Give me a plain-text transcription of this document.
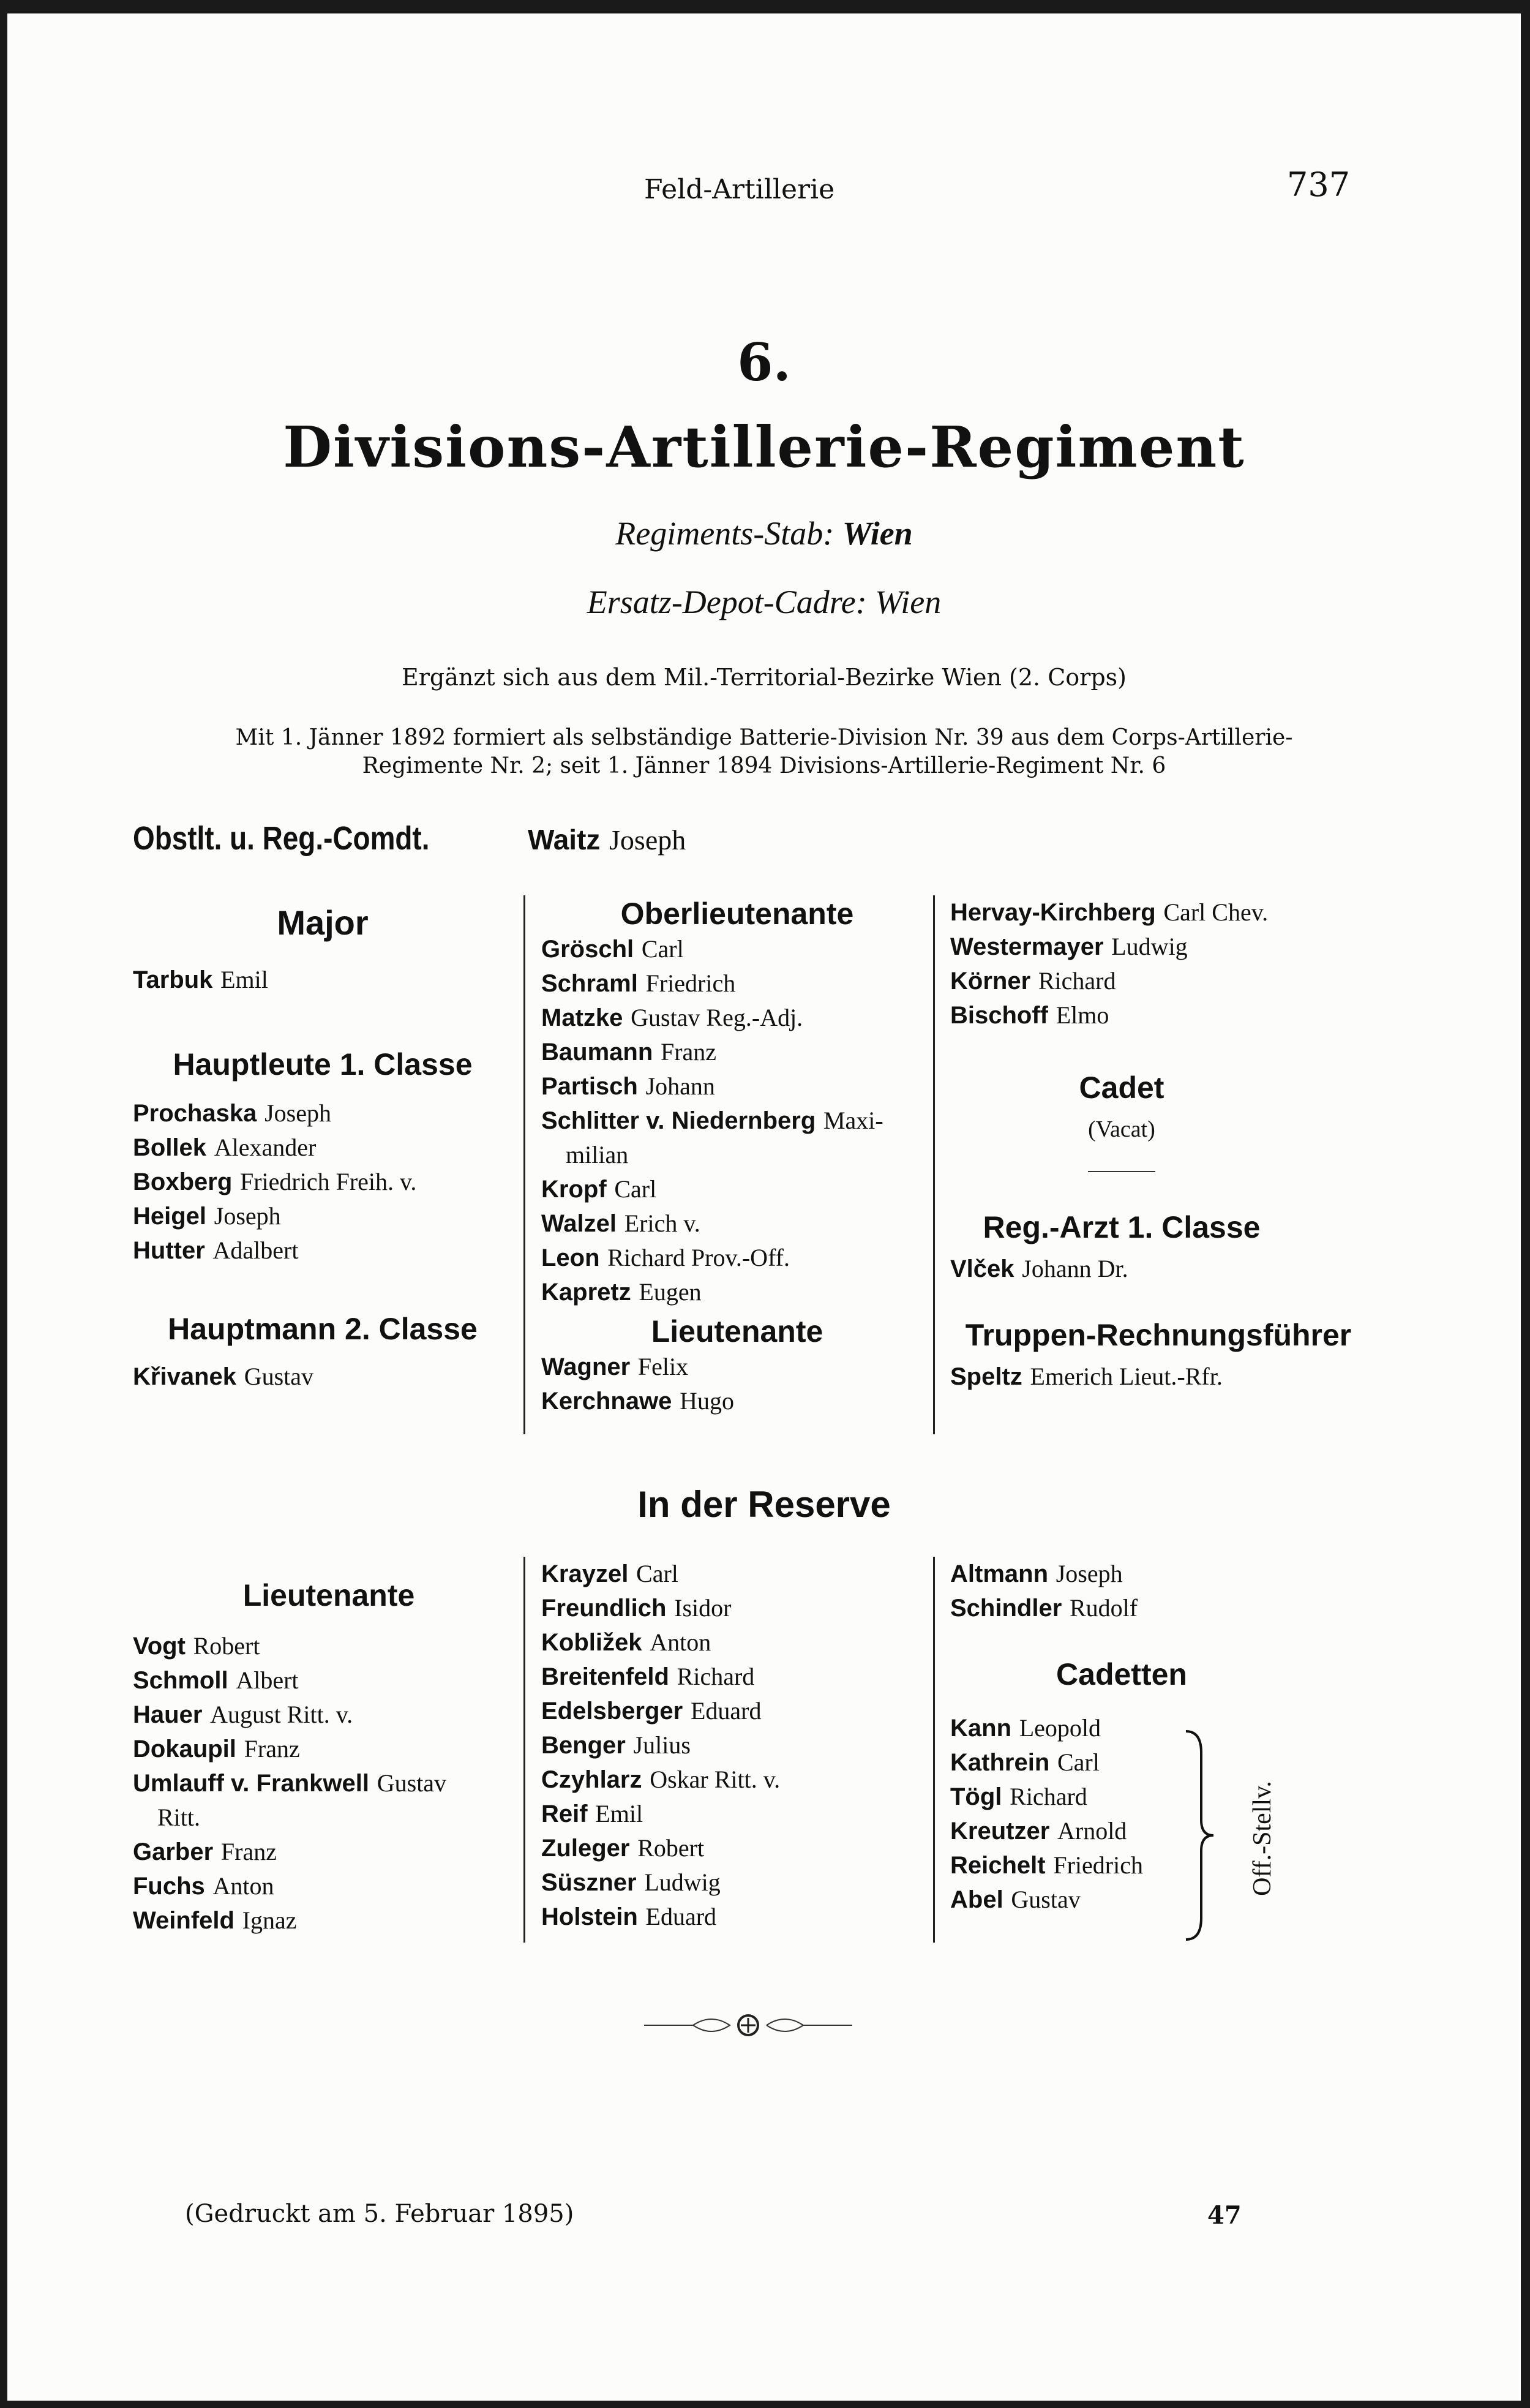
Feld-Artillerie	737
6.
Divisions-Artillerie-Regiment
Regiments-Stab: Wien
Ersatz-Depot-Cadre: Wien
Ergänzt sich aus dem Mil.-Territorial-Bezirke Wien (2. Corps)
Mit 1. Jänner 1892 formiert als selbständige Batterie-Division Nr. 39 aus dem Corps-Artillerie-
Regimente Nr. 2; seit 1. Jänner 1894 Divisions-Artillerie-Regiment Nr. 6
Obstlt. u. Reg.-Comdt.	Waitz Joseph
Major
Tarbuk Emil
Hauptleute 1. Classe
Prochaska Joseph
Bollek Alexander
Boxberg Friedrich Freih. v.
Heigel Joseph
Hutter Adalbert
Hauptmann 2. Classe
Křivanek Gustav
Oberlieutenante
Gröschl Carl
Schraml Friedrich
Matzke Gustav Reg.-Adj.
Baumann Franz
Partisch Johann
Schlitter v. Niedernberg Maxi-
milian
Kropf Carl
Walzel Erich v.
Leon Richard Prov.-Off.
Kapretz Eugen
Lieutenante
Wagner Felix
Kerchnawe Hugo
Hervay-Kirchberg Carl Chev.
Westermayer Ludwig
Körner Richard
Bischoff Elmo
Cadet
(Vacat)
Reg.-Arzt 1. Classe
Vlček Johann Dr.
Truppen-Rechnungsführer
Speltz Emerich Lieut.-Rfr.
In der Reserve
Lieutenante
Vogt Robert
Schmoll Albert
Hauer August Ritt. v.
Dokaupil Franz
Umlauff v. Frankwell Gustav
Ritt.
Garber Franz
Fuchs Anton
Weinfeld Ignaz
Krayzel Carl
Freundlich Isidor
Kobližek Anton
Breitenfeld Richard
Edelsberger Eduard
Benger Julius
Czyhlarz Oskar Ritt. v.
Reif Emil
Zuleger Robert
Süszner Ludwig
Holstein Eduard
Altmann Joseph
Schindler Rudolf
Cadetten
Kann Leopold
Kathrein Carl
Tögl Richard
Kreutzer Arnold
Reichelt Friedrich
Abel Gustav
Off.-Stellv.
(Gedruckt am 5. Februar 1895)	47
